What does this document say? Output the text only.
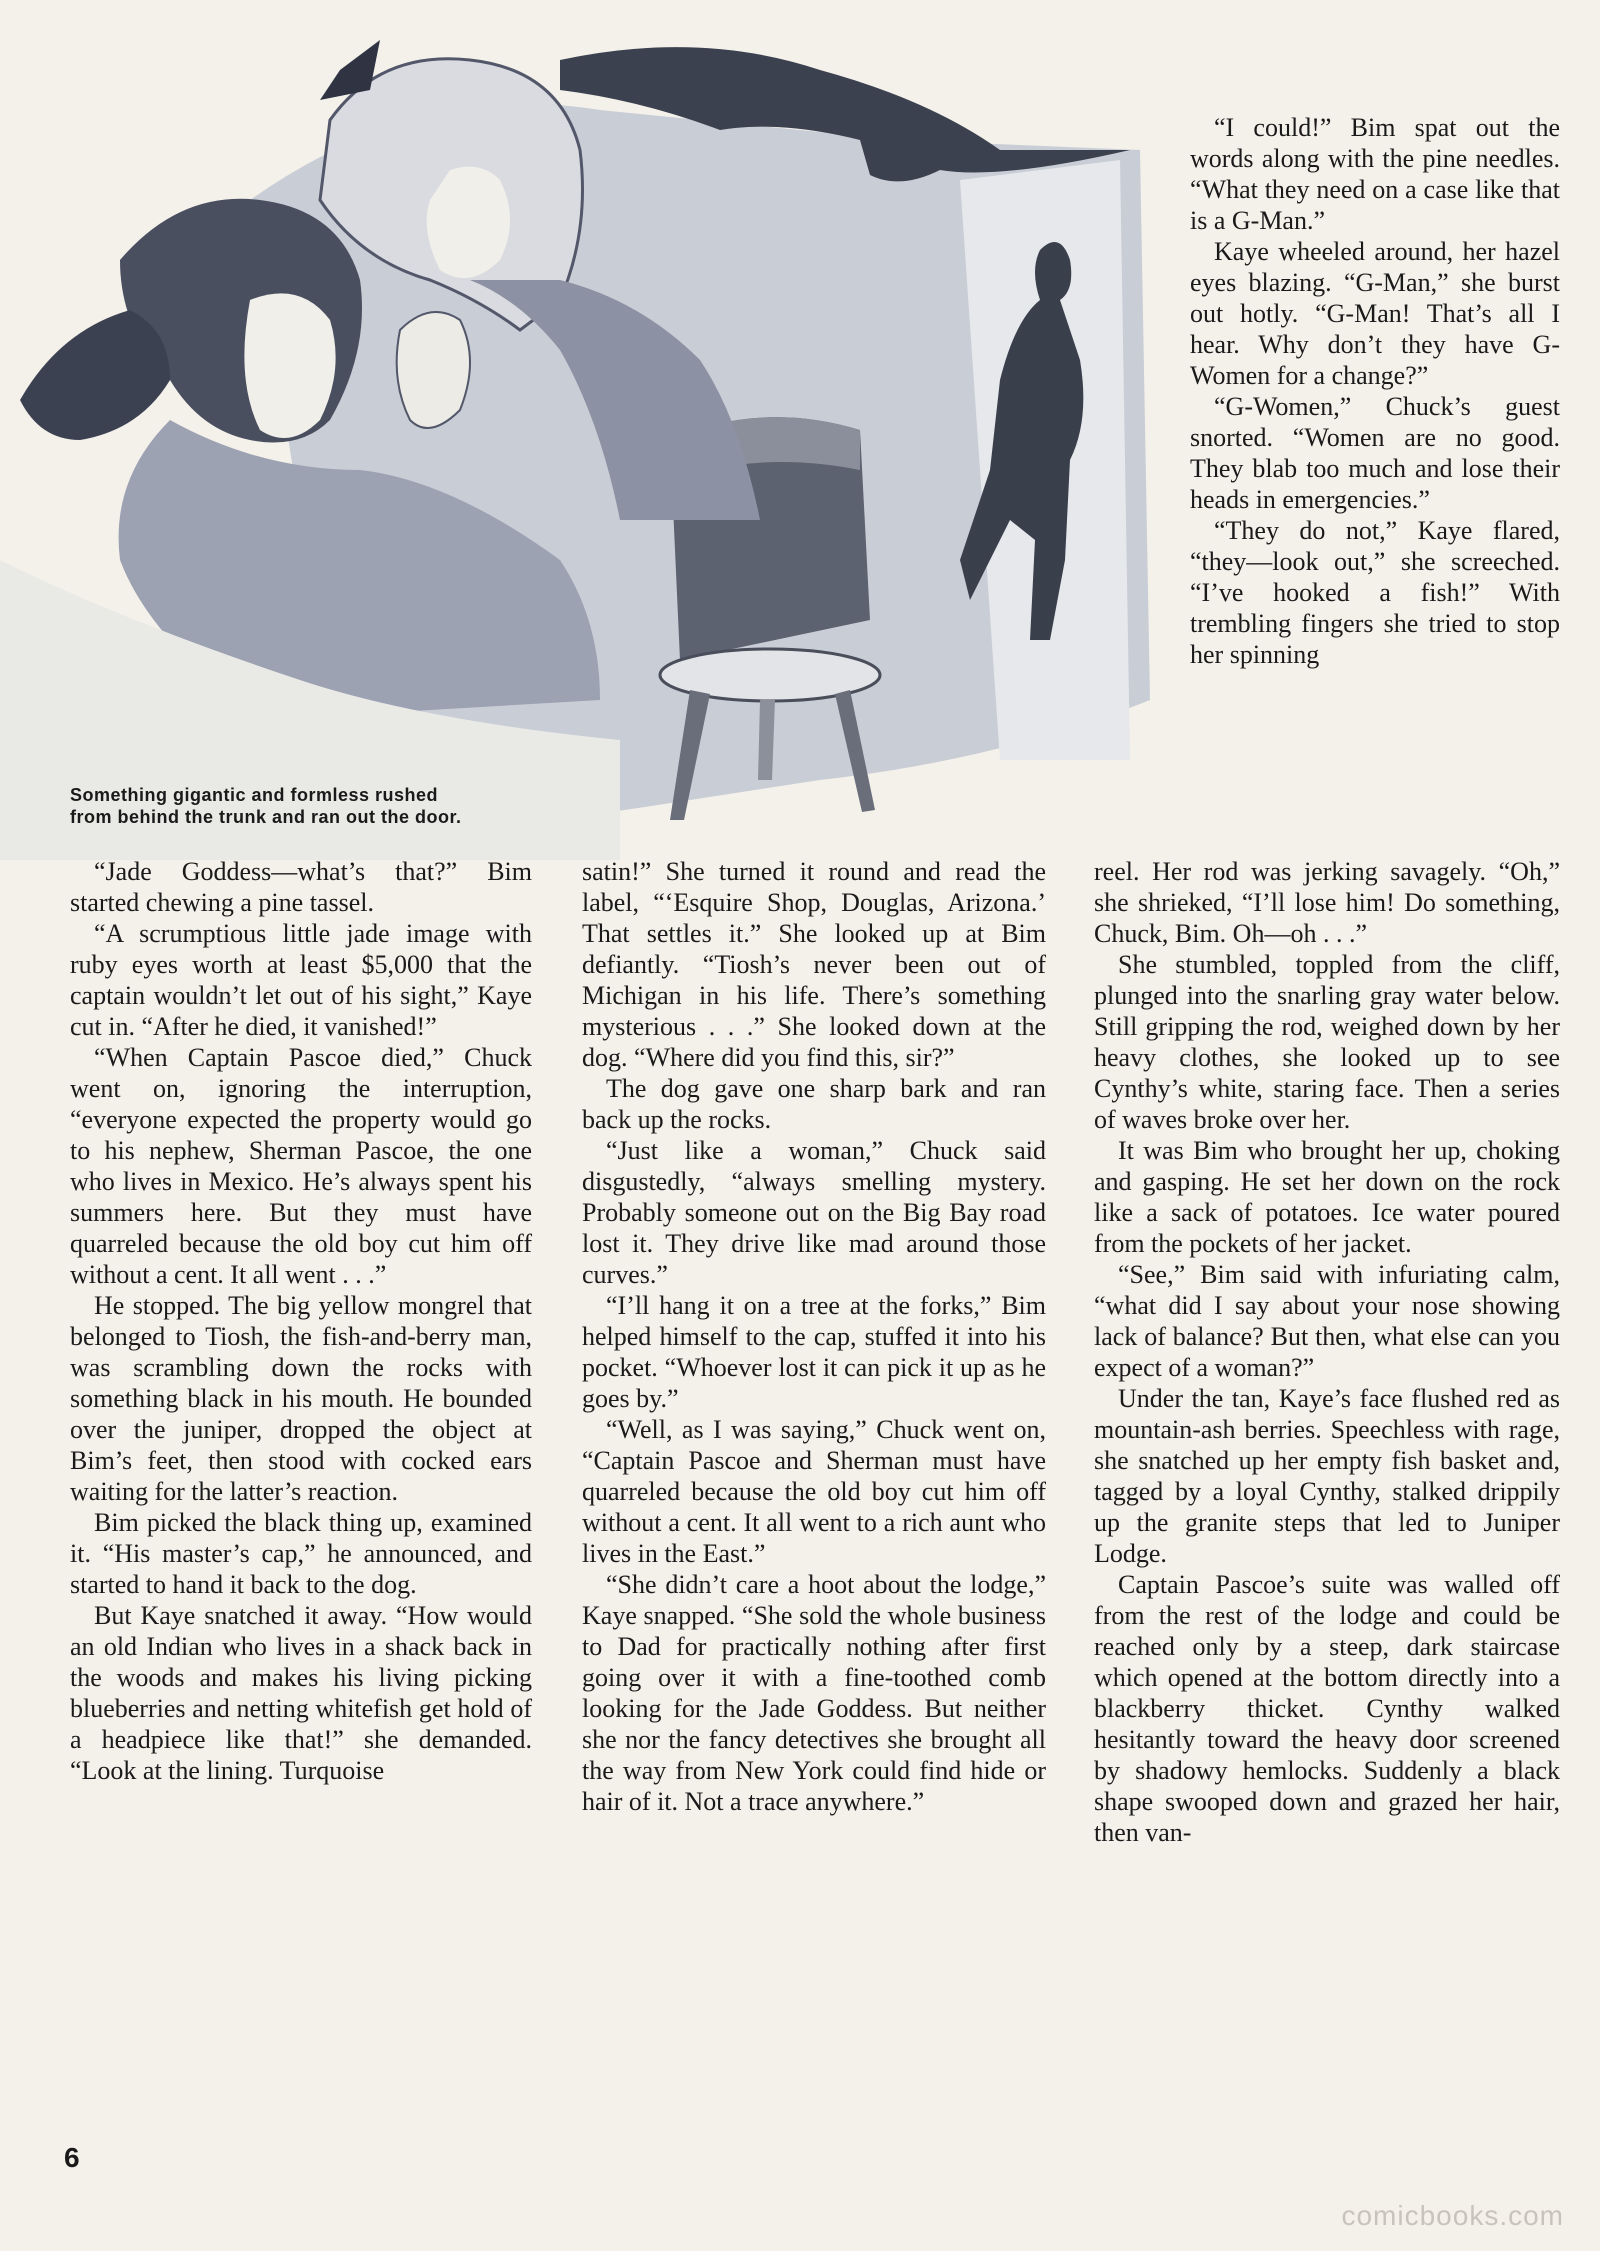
Something gigantic and formless rushed
from behind the trunk and ran out the door.

“I could!” Bim spat out the words along with the pine needles. “What they need on a case like that is a G-Man.”

Kaye wheeled around, her hazel eyes blazing. “G-Man,” she burst out hotly. “G-Man! That’s all I hear. Why don’t they have G-Women for a change?”

“G-Women,” Chuck’s guest snorted. “Women are no good. They blab too much and lose their heads in emergencies.”

“They do not,” Kaye flared, “they—look out,” she screeched. “I’ve hooked a fish!” With trembling fingers she tried to stop her spinning

“Jade Goddess—what’s that?” Bim started chewing a pine tassel.

“A scrumptious little jade image with ruby eyes worth at least $5,000 that the captain wouldn’t let out of his sight,” Kaye cut in. “After he died, it vanished!”

“When Captain Pascoe died,” Chuck went on, ignoring the interruption, “everyone expected the property would go to his nephew, Sherman Pascoe, the one who lives in Mexico. He’s always spent his summers here. But they must have quarreled because the old boy cut him off without a cent. It all went . . .”

He stopped. The big yellow mongrel that belonged to Tiosh, the fish-and-berry man, was scrambling down the rocks with something black in his mouth. He bounded over the juniper, dropped the object at Bim’s feet, then stood with cocked ears waiting for the latter’s reaction.

Bim picked the black thing up, examined it. “His master’s cap,” he announced, and started to hand it back to the dog.

But Kaye snatched it away. “How would an old Indian who lives in a shack back in the woods and makes his living picking blueberries and netting whitefish get hold of a headpiece like that!” she demanded. “Look at the lining. Turquoise

satin!” She turned it round and read the label, “‘Esquire Shop, Douglas, Arizona.’ That settles it.” She looked up at Bim defiantly. “Tiosh’s never been out of Michigan in his life. There’s something mysterious . . .” She looked down at the dog. “Where did you find this, sir?”

The dog gave one sharp bark and ran back up the rocks.

“Just like a woman,” Chuck said disgustedly, “always smelling mystery. Probably someone out on the Big Bay road lost it. They drive like mad around those curves.”

“I’ll hang it on a tree at the forks,” Bim helped himself to the cap, stuffed it into his pocket. “Whoever lost it can pick it up as he goes by.”

“Well, as I was saying,” Chuck went on, “Captain Pascoe and Sherman must have quarreled because the old boy cut him off without a cent. It all went to a rich aunt who lives in the East.”

“She didn’t care a hoot about the lodge,” Kaye snapped. “She sold the whole business to Dad for practically nothing after first going over it with a fine-toothed comb looking for the Jade Goddess. But neither she nor the fancy detectives she brought all the way from New York could find hide or hair of it. Not a trace anywhere.”

reel. Her rod was jerking savagely. “Oh,” she shrieked, “I’ll lose him! Do something, Chuck, Bim. Oh—oh . . .”

She stumbled, toppled from the cliff, plunged into the snarling gray water below. Still gripping the rod, weighed down by her heavy clothes, she looked up to see Cynthy’s white, staring face. Then a series of waves broke over her.

It was Bim who brought her up, choking and gasping. He set her down on the rock like a sack of potatoes. Ice water poured from the pockets of her jacket.

“See,” Bim said with infuriating calm, “what did I say about your nose showing lack of balance? But then, what else can you expect of a woman?”

Under the tan, Kaye’s face flushed red as mountain-ash berries. Speechless with rage, she snatched up her empty fish basket and, tagged by a loyal Cynthy, stalked drippily up the granite steps that led to Juniper Lodge.

Captain Pascoe’s suite was walled off from the rest of the lodge and could be reached only by a steep, dark staircase which opened at the bottom directly into a blackberry thicket. Cynthy walked hesitantly toward the heavy door screened by shadowy hemlocks. Suddenly a black shape swooped down and grazed her hair, then van-

6
comicbooks.com
